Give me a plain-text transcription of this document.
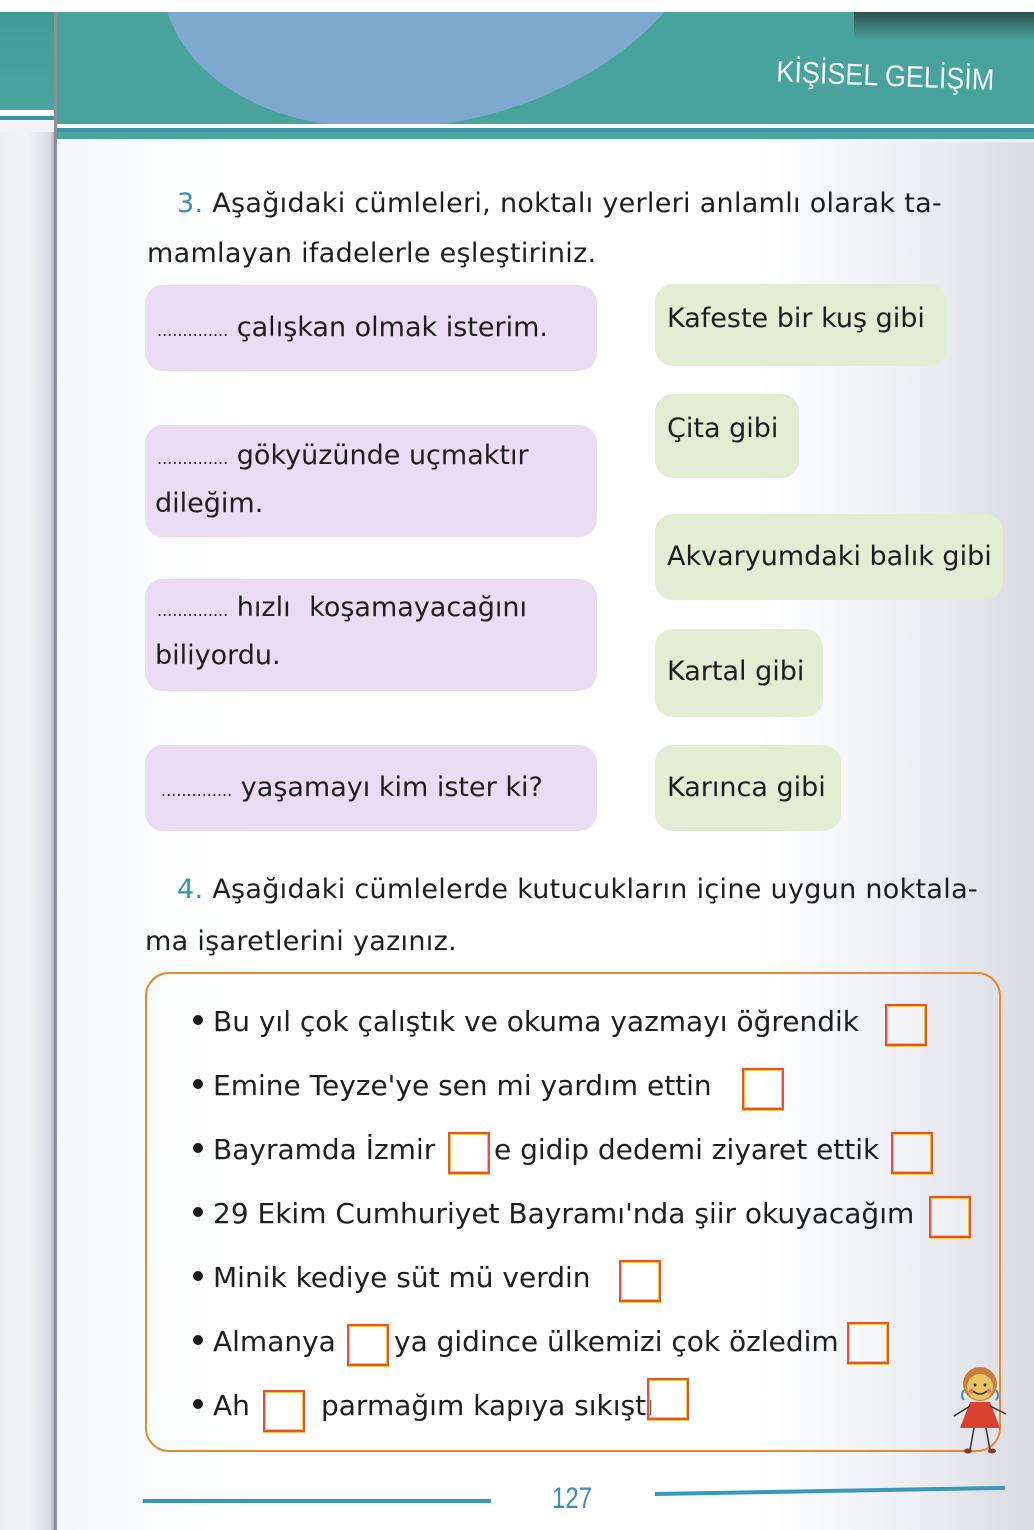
KİŞİSEL GELİŞİM
3. Aşağıdaki cümleleri, noktalı yerleri anlamlı olarak ta-
mamlayan ifadelerle eşleştiriniz.
.............. çalışkan olmak isterim.
.............. gökyüzünde uçmaktır
dileğim.
.............. hızlı koşamayacağını
biliyordu.
.............. yaşamayı kim ister ki?
Kafeste bir kuş gibi
Çita gibi
Akvaryumdaki balık gibi
Kartal gibi
Karınca gibi
4. Aşağıdaki cümlelerde kutucukların içine uygun noktala-
ma işaretlerini yazınız.
Bu yıl çok çalıştık ve okuma yazmayı öğrendik
Emine Teyze'ye sen mi yardım ettin
Bayramda İzmir e gidip dedemi ziyaret ettik
29 Ekim Cumhuriyet Bayramı'nda şiir okuyacağım
Minik kediye süt mü verdin
Almanya ya gidince ülkemizi çok özledim
Ah	parmağım kapıya sıkıştı
127
